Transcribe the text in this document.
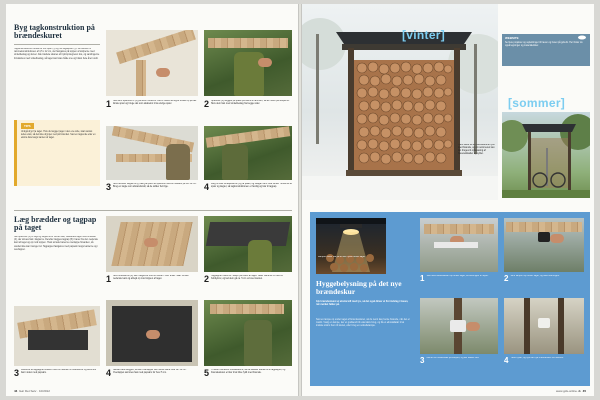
Byg tagkonstruktion på brændeskuret
Tagkonstruktionen består af fire spær (1) og fire tagsekser (1). De samles til rammekonstruktionen af 4,5 x 12 cm, der fastgøres på toppen af stolperne med vinkelbeslag og skruer. Alle trædele skæres af trykimprægneret træ, og samlingerne forstærkes med vinkelbeslag, så taget kan klare både sne og blæst hele året rundt.
TIPS
Undgå dryp fra taget. Hvis du lægger taget i den ene side, skal vandet ledes væk, så det ikke drypper ned på brændet. Sæt en tagrende eller en ekstra liste langs kanten af taget.
1 Sav først spærene til (1) på skrå i enderne. Det er lettest at tegne snittet op på det første spær og bruge det som skabelon til de øvrige spær.	2 Spærene (1) lægges på plads på tværs af rammen, så de hviler på stolperne. Skru dem fast med vinkelbeslag fra begge sider.
3 Skru derefter lægterne (2) fast på tværs af spærene med en afstand på ca. 30 cm. Brug en lægte som afstandsmål, så de sidder helt lige.	4 Læg til sidst vindskederne (3) på plads, og fastgør dem med skruer i enderne af spær og lægter, så tagkonstruktionen er færdig og klar til tagpap.
Læg brædder og tagpap på taget
Når spærene (1) er lagt og lægterne er skruet fast, beklædes taget med brædder (4), der skrues fast i lægterne. Derefter lægges tagpap (5) i baner fra den nederste kant af taget og op mod toppen. Husk at lade banerne overlappe hinanden, så vandet ikke kan trænge ind. Tagpappet fastgøres med papsøm langs kanterne og i overlappet.
1 Skru brædderne (4) fast i lægterne med to skruer i hver ende. Start fra den nederste kant og arbejd op mod toppen af taget.	2 Tagpappet rulles ud i baner på tværs af taget. Skær banerne til med en hobbykniv, og lad dem gå ca. 5 cm ud over kanten.
3 Kanterne af tagpappet bukkes rundt om kanten af brædderne og sømmes fast i siden med papsøm.	4 Næste bane lægges, så den overlapper den første bane med ca. 10 cm. Overlappet sømmes fast med papsøm for hver 5 cm.	5 Til sidst monteres vindskederne, så de dækker kanterne af tagpappet, og brændeskuret er klar til at blive fyldt med brænde.
44 Gør Det Selv · 10/2012
[vinter]	WEBSITE
Se flere projekter og vejledninger til haven og huset på gds.dk. Her finder du også tegninger og materialelister.
[sommer]
I den kolde tid er brændeskuret fyldt med brænde, og om sommeren kan det bruges til opbevaring af haveredskaber og cykler.
Lampen bliver sat på en lille hylde under taget.
Hyggebelysning på det nye brændeskur
Giv brændeskuret et ekstra løft med lys, så det også bliver et flot indslag i haven, når mørket falder på.
Sæt en lampe op under taget af brændeskuret, så du nemt kan hente brænde, når det er mørkt. Vælg en lampe, der er godkendt til udendørs brug, og få en elinstallatør til at trække strøm frem til skuret, eller brug en solcellelampe.
1 Sæt først kabelbakken op under taget, så ledningen er skjult.	2 Skru lampen op under taget, og tilslut ledningen.
3 Monter en stikkontakt på stolpen, og kør kablet ned.	4 Tænd lyset, og nyd det nye brændeskur om aftenen.
www.gds-online.dk 45
